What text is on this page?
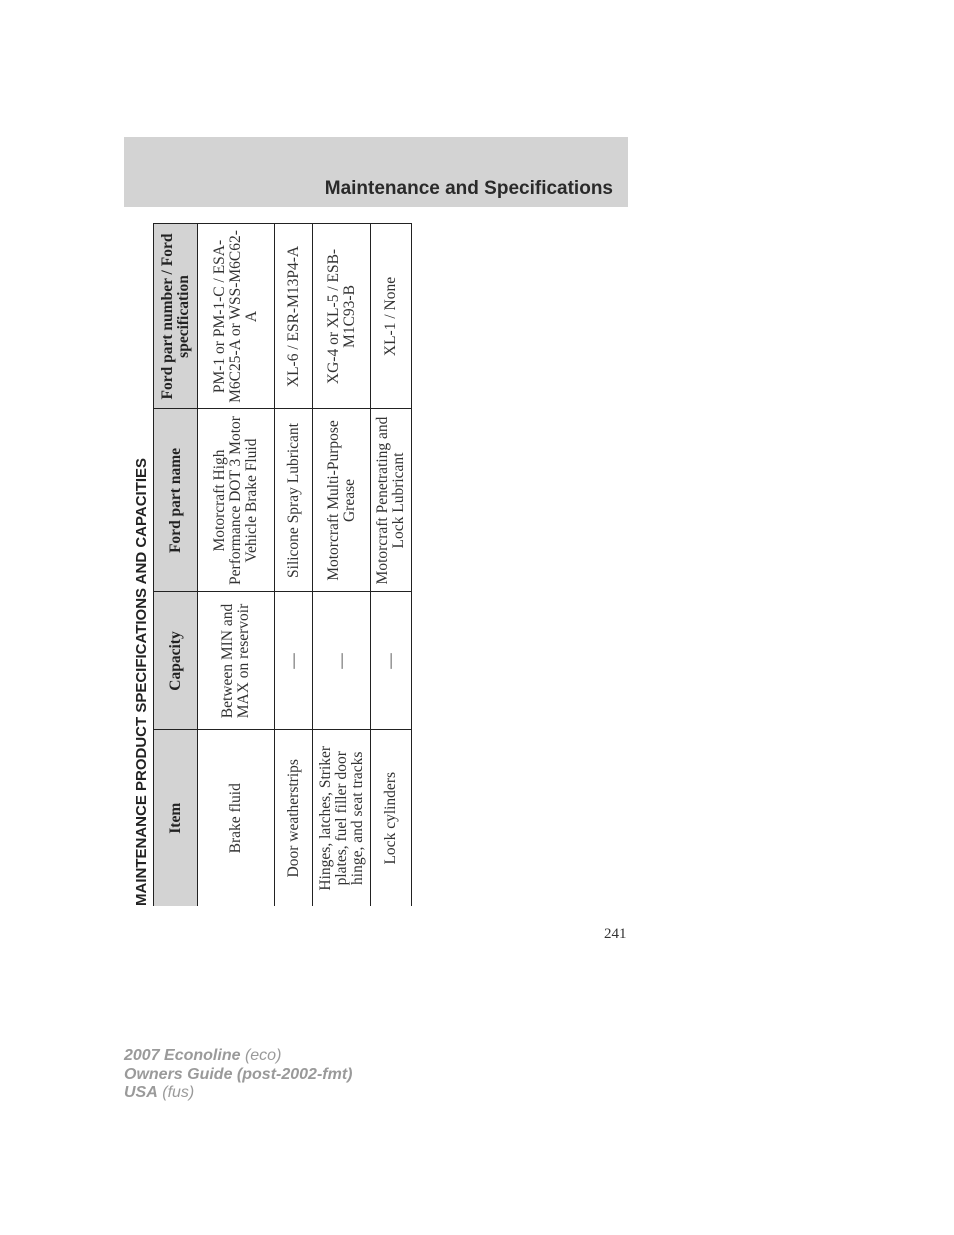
Maintenance and Specifications
MAINTENANCE PRODUCT SPECIFICATIONS AND CAPACITIES Item	Capacity	Ford part name	Ford part number / Ford specification
Brake fluid	Between MIN and MAX on reservoir	Motorcraft High Performance DOT 3 Motor Vehicle Brake Fluid	PM-1 or PM-1-C / ESA-M6C25-A or WSS-M6C62-A
Door weatherstrips	—	Silicone Spray Lubricant	XL-6 / ESR-M13P4-A
Hinges, latches, Striker plates, fuel filler door hinge, and seat tracks	—	Motorcraft Multi-Purpose Grease	XG-4 or XL-5 / ESB-M1C93-B
Lock cylinders	—	Motorcraft Penetrating and Lock Lubricant	XL-1 / None
241
2007 Econoline (eco)
Owners Guide (post-2002-fmt)
USA (fus)
